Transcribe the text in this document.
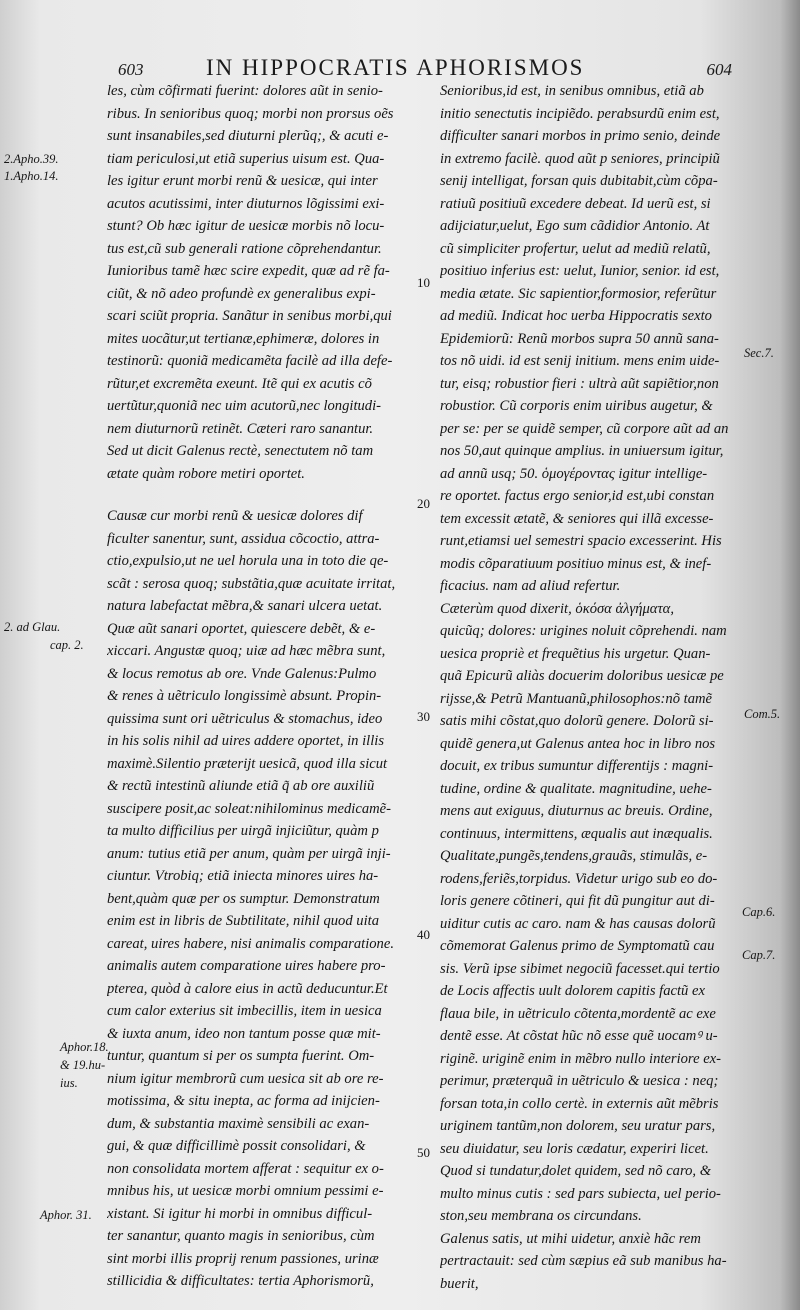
603	IN HIPPOCRATIS APHORISMOS	604
les, cùm cõfirmati fuerint: dolores aũt in senio-
ribus. In senioribus quoq; morbi non prorsus oẽs
sunt insanabiles,sed diuturni plerũq;, & acuti e-
tiam periculosi,ut etiã superius uisum est. Qua-
les igitur erunt morbi renũ & uesicæ, qui inter
acutos acutissimi, inter diuturnos lõgissimi exi-
stunt? Ob hæc igitur de uesicæ morbis nõ locu-
tus est,cũ sub generali ratione cõprehendantur.
Iunioribus tamẽ hæc scire expedit, quæ ad rẽ fa-
ciũt, & nõ adeo profundè ex generalibus expi-
scari sciũt propria. Sanãtur in senibus morbi,qui
mites uocãtur,ut tertianæ,ephimeræ, dolores in
testinorũ: quoniã medicamẽta facilè ad illa defe-
rũtur,et excremẽta exeunt. Itẽ qui ex acutis cõ
uertũtur,quoniã nec uim acutorũ,nec longitudi-
nem diuturnorũ retinẽt. Cæteri raro sanantur.
Sed ut dicit Galenus rectè, senectutem nõ tam
ætate quàm robore metiri oportet.
Causæ cur morbi renũ & uesicæ dolores dif
ficulter sanentur, sunt, assidua cõcoctio, attra-
ctio,expulsio,ut ne uel horula una in toto die qe-
scãt : serosa quoq; substãtia,quæ acuitate irritat,
natura labefactat mẽbra,& sanari ulcera uetat.
Quæ aũt sanari oportet, quiescere debẽt, & e-
xiccari. Angustæ quoq; uiæ ad hæc mẽbra sunt,
& locus remotus ab ore. Vnde Galenus:Pulmo
& renes à uẽtriculo longissimè absunt. Propin-
quissima sunt ori uẽtriculus & stomachus, ideo
in his solis nihil ad uires addere oportet, in illis
maximè.Silentio præterijt uesicã, quod illa sicut
& rectũ intestinũ aliunde etiã q̃ ab ore auxiliũ
suscipere posit,ac soleat:nihilominus medicamẽ-
ta multo difficilius per uirgã injiciũtur, quàm p
anum: tutius etiã per anum, quàm per uirgã inji-
ciuntur. Vtrobiq; etiã iniecta minores uires ha-
bent,quàm quæ per os sumptur. Demonstratum
enim est in libris de Subtilitate, nihil quod uita
careat, uires habere, nisi animalis comparatione.
animalis autem comparatione uires habere pro-
pterea, quòd à calore eius in actũ deducuntur.Et
cum calor exterius sit imbecillis, item in uesica
& iuxta anum, ideo non tantum posse quæ mit-
tuntur, quantum si per os sumpta fuerint. Om-
nium igitur membrorũ cum uesica sit ab ore re-
motissima, & situ inepta, ac forma ad inijcien-
dum, & substantia maximè sensibili ac exan-
gui, & quæ difficillimè possit consolidari, &
non consolidata mortem afferat : sequitur ex o-
mnibus his, ut uesicæ morbi omnium pessimi e-
xistant. Si igitur hi morbi in omnibus difficul-
ter sanantur, quanto magis in senioribus, cùm
sint morbi illis proprij renum passiones, urinæ
stillicidia & difficultates: tertia Aphorismorũ,
Senioribus,id est, in senibus omnibus, etiã ab
initio senectutis incipiẽdo. perabsurdũ enim est,
difficulter sanari morbos in primo senio, deinde
in extremo facilè. quod aũt p seniores, principiũ
senij intelligat, forsan quis dubitabit,cùm cõpa-
ratiuũ positiuũ excedere debeat. Id uerũ est, si
adijciatur,uelut, Ego sum cãdidior Antonio. At
cũ simpliciter profertur, uelut ad mediũ relatũ,
positiuo inferius est: uelut, Iunior, senior. id est,
media ætate. Sic sapientior,formosior, referũtur
ad mediũ. Indicat hoc uerba Hippocratis sexto
Epidemiorũ: Renũ morbos supra 50 annũ sana-
tos nõ uidi. id est senij initium. mens enim uide-
tur, eisq; robustior fieri : ultrà aũt sapiẽtior,non
robustior. Cũ corporis enim uiribus augetur, &
per se: per se quidẽ semper, cũ corpore aũt ad an
nos 50,aut quinque amplius. in uniuersum igitur,
ad annũ usq; 50. ὁμογέροντας igitur intellige-
re oportet. factus ergo senior,id est,ubi constan
tem excessit ætatẽ, & seniores qui illã excesse-
runt,etiamsi uel semestri spacio excesserint. His
modis cõparatiuum positiuo minus est, & inef-
ficacius. nam ad aliud refertur.
Cæterùm quod dixerit, ὁκόσα ἀλγήματα,
quicũq; dolores: urigines noluit cõprehendi. nam
uesica propriè et frequẽtius his urgetur. Quan-
quã Epicurũ aliàs docuerim doloribus uesicæ pe
rijsse,& Petrũ Mantuanũ,philosophos:nõ tamẽ
satis mihi cõstat,quo dolorũ genere. Dolorũ si-
quidẽ genera,ut Galenus antea hoc in libro nos
docuit, ex tribus sumuntur differentijs : magni-
tudine, ordine & qualitate. magnitudine, uehe-
mens aut exiguus, diuturnus ac breuis. Ordine,
continuus, intermittens, æqualis aut inæqualis.
Qualitate,pungẽs,tendens,grauãs, stimulãs, e-
rodens,feriẽs,torpidus. Videtur urigo sub eo do-
loris genere cõtineri, qui fit dũ pungitur aut di-
uiditur cutis ac caro. nam & has causas dolorũ
cõmemorat Galenus primo de Symptomatũ cau
sis. Verũ ipse sibimet negociũ facesset.qui tertio
de Locis affectis uult dolorem capitis factũ ex
flaua bile, in uẽtriculo cõtenta,mordentẽ ac exe
dentẽ esse. At cõstat hũc nõ esse quẽ uocamꝰ u-
riginẽ. uriginẽ enim in mẽbro nullo interiore ex-
perimur, præterquã in uẽtriculo & uesica : neq;
forsan tota,in collo certè. in externis aũt mẽbris
uriginem tantũm,non dolorem, seu uratur pars,
seu diuidatur, seu loris cædatur, experiri licet.
Quod si tundatur,dolet quidem, sed nõ caro, &
multo minus cutis : sed pars subiecta, uel perio-
ston,seu membrana os circundans.
Galenus satis, ut mihi uidetur, anxiè hãc rem
pertractauit: sed cùm sæpius eã sub manibus ha-
buerit,
2.Apho.39.
1.Apho.14.
2. ad Glau.
cap. 2.
Aphor.18.
& 19.hu-
ius.
Aphor. 31.
Sec.7.
Com.5.
Cap.6.
Cap.7.
10
20
30
40
50
